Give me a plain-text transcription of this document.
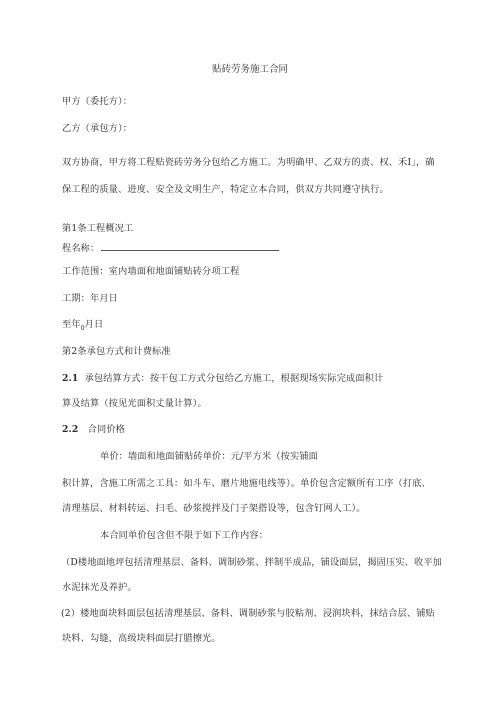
贴砖劳务施工合同
甲方（委托方）：
乙方（承包方）：
双方协商，甲方将工程贴瓷砖劳务分包给乙方施工。为明确甲、乙双方的责、权、禾I」，确
保工程的质量、进度、安全及文明生产，特定立本合同，供双方共同遵守执行。
第1条工程概况工
程名称：
工作范围：室内墙面和地面铺贴砖分项工程
工期：年月日
至年$_0$月日
第2条承包方式和计费标准
2.1 承包结算方式：按干包工方式分包给乙方施工，根据现场实际完成面积计
算及结算（按见光面积丈量计算）。
2.2 合同价格
单价：墙面和地面铺贴砖单价：元/平方米（按实铺面
积计算，含施工所需之工具：如斗车、磨片地施电线等）。单价包含定额所有工序（打底、
清理基层、材料转运、扫毛、砂浆搅拌及门子架搭设等，包含钉网人工）。
本合同单价包含但不限于如下工作内容：
（D楼地面地坪包括清理基层、备料、调制砂浆、拌制半成品，铺设面层，揭固压实、收平加
水泥抹光及养护。
(2）楼地面块料面层包括清理基层、备料、调制砂浆与胶粘剂、浸润块料，抹结合层、铺贴
块料、勾缝，高级块料面层打腊擦光。
